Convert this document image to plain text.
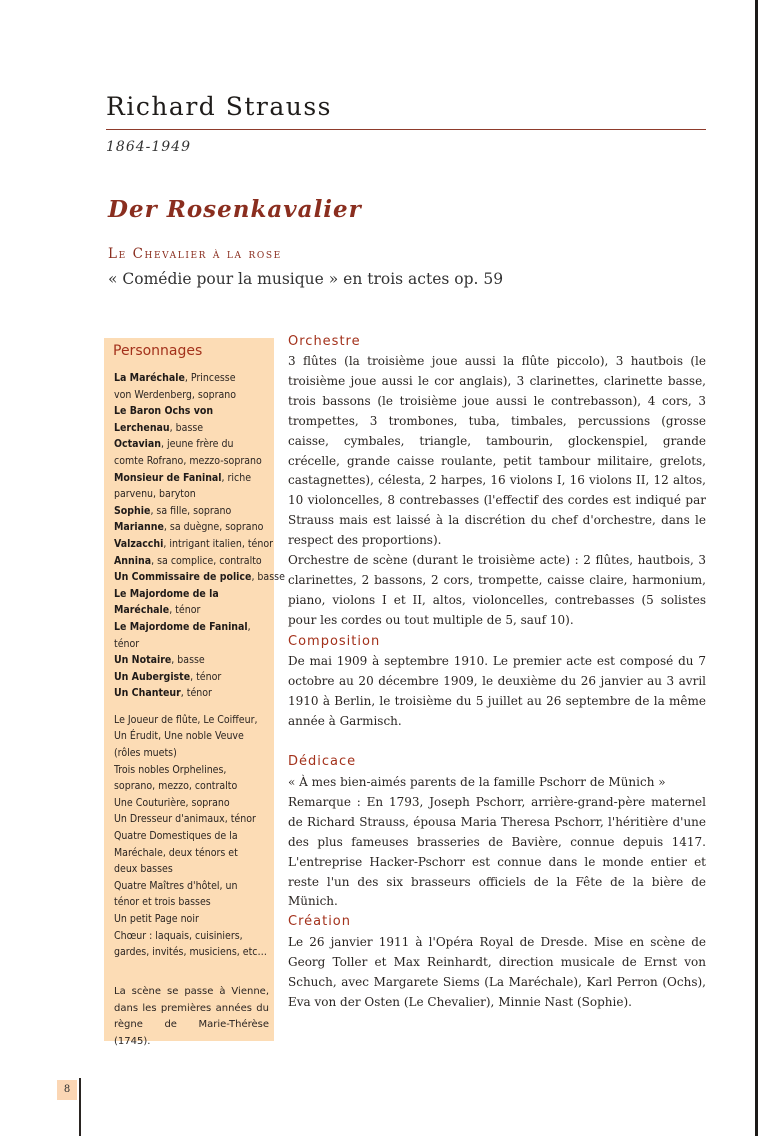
Richard Strauss
1864-1949
Der Rosenkavalier
Le Chevalier à la rose
« Comédie pour la musique » en trois actes op. 59
Personnages
La Maréchale, Princesse
von Werdenberg, soprano
Le Baron Ochs von
Lerchenau, basse
Octavian, jeune frère du
comte Rofrano, mezzo-soprano
Monsieur de Faninal, riche
parvenu, baryton
Sophie, sa fille, soprano
Marianne, sa duègne, soprano
Valzacchi, intrigant italien, ténor
Annina, sa complice, contralto
Un Commissaire de police, basse
Le Majordome de la
Maréchale, ténor
Le Majordome de Faninal,
ténor
Un Notaire, basse
Un Aubergiste, ténor
Un Chanteur, ténor
Le Joueur de flûte, Le Coiffeur,
Un Érudit, Une noble Veuve
(rôles muets)
Trois nobles Orphelines,
soprano, mezzo, contralto
Une Couturière, soprano
Un Dresseur d'animaux, ténor
Quatre Domestiques de la
Maréchale, deux ténors et
deux basses
Quatre Maîtres d'hôtel, un
ténor et trois basses
Un petit Page noir
Chœur : laquais, cuisiniers,
gardes, invités, musiciens, etc…
La scène se passe à Vienne, dans les premières années du règne de Marie-Thérèse (1745).
Orchestre

3 flûtes (la troisième joue aussi la flûte piccolo), 3 hautbois (le troisième joue aussi le cor anglais), 3 clarinettes, clarinette basse, trois bassons (le troisième joue aussi le contrebasson), 4 cors, 3 trompettes, 3 trombones, tuba, timbales, percussions (grosse caisse, cymbales, triangle, tambourin, glockenspiel, grande crécelle, grande caisse roulante, petit tambour militaire, grelots, castagnettes), célesta, 2 harpes, 16 violons I, 16 violons II, 12 altos, 10 violoncelles, 8 contrebasses (l'effectif des cordes est indiqué par Strauss mais est laissé à la discrétion du chef d'orchestre, dans le respect des proportions).

Orchestre de scène (durant le troisième acte) : 2 flûtes, hautbois, 3 clarinettes, 2 bassons, 2 cors, trompette, caisse claire, harmonium, piano, violons I et II, altos, violoncelles, contrebasses (5 solistes pour les cordes ou tout multiple de 5, sauf 10).

Composition

De mai 1909 à septembre 1910. Le premier acte est composé du 7 octobre au 20 décembre 1909, le deuxième du 26 janvier au 3 avril 1910 à Berlin, le troisième du 5 juillet au 26 septembre de la même année à Garmisch.

Dédicace

« À mes bien-aimés parents de la famille Pschorr de Münich »

Remarque : En 1793, Joseph Pschorr, arrière-grand-père maternel de Richard Strauss, épousa Maria Theresa Pschorr, l'héritière d'une des plus fameuses brasseries de Bavière, connue depuis 1417. L'entreprise Hacker-Pschorr est connue dans le monde entier et reste l'un des six brasseurs officiels de la Fête de la bière de Münich.

Création

Le 26 janvier 1911 à l'Opéra Royal de Dresde. Mise en scène de Georg Toller et Max Reinhardt, direction musicale de Ernst von Schuch, avec Margarete Siems (La Maréchale), Karl Perron (Ochs), Eva von der Osten (Le Chevalier), Minnie Nast (Sophie).

8
